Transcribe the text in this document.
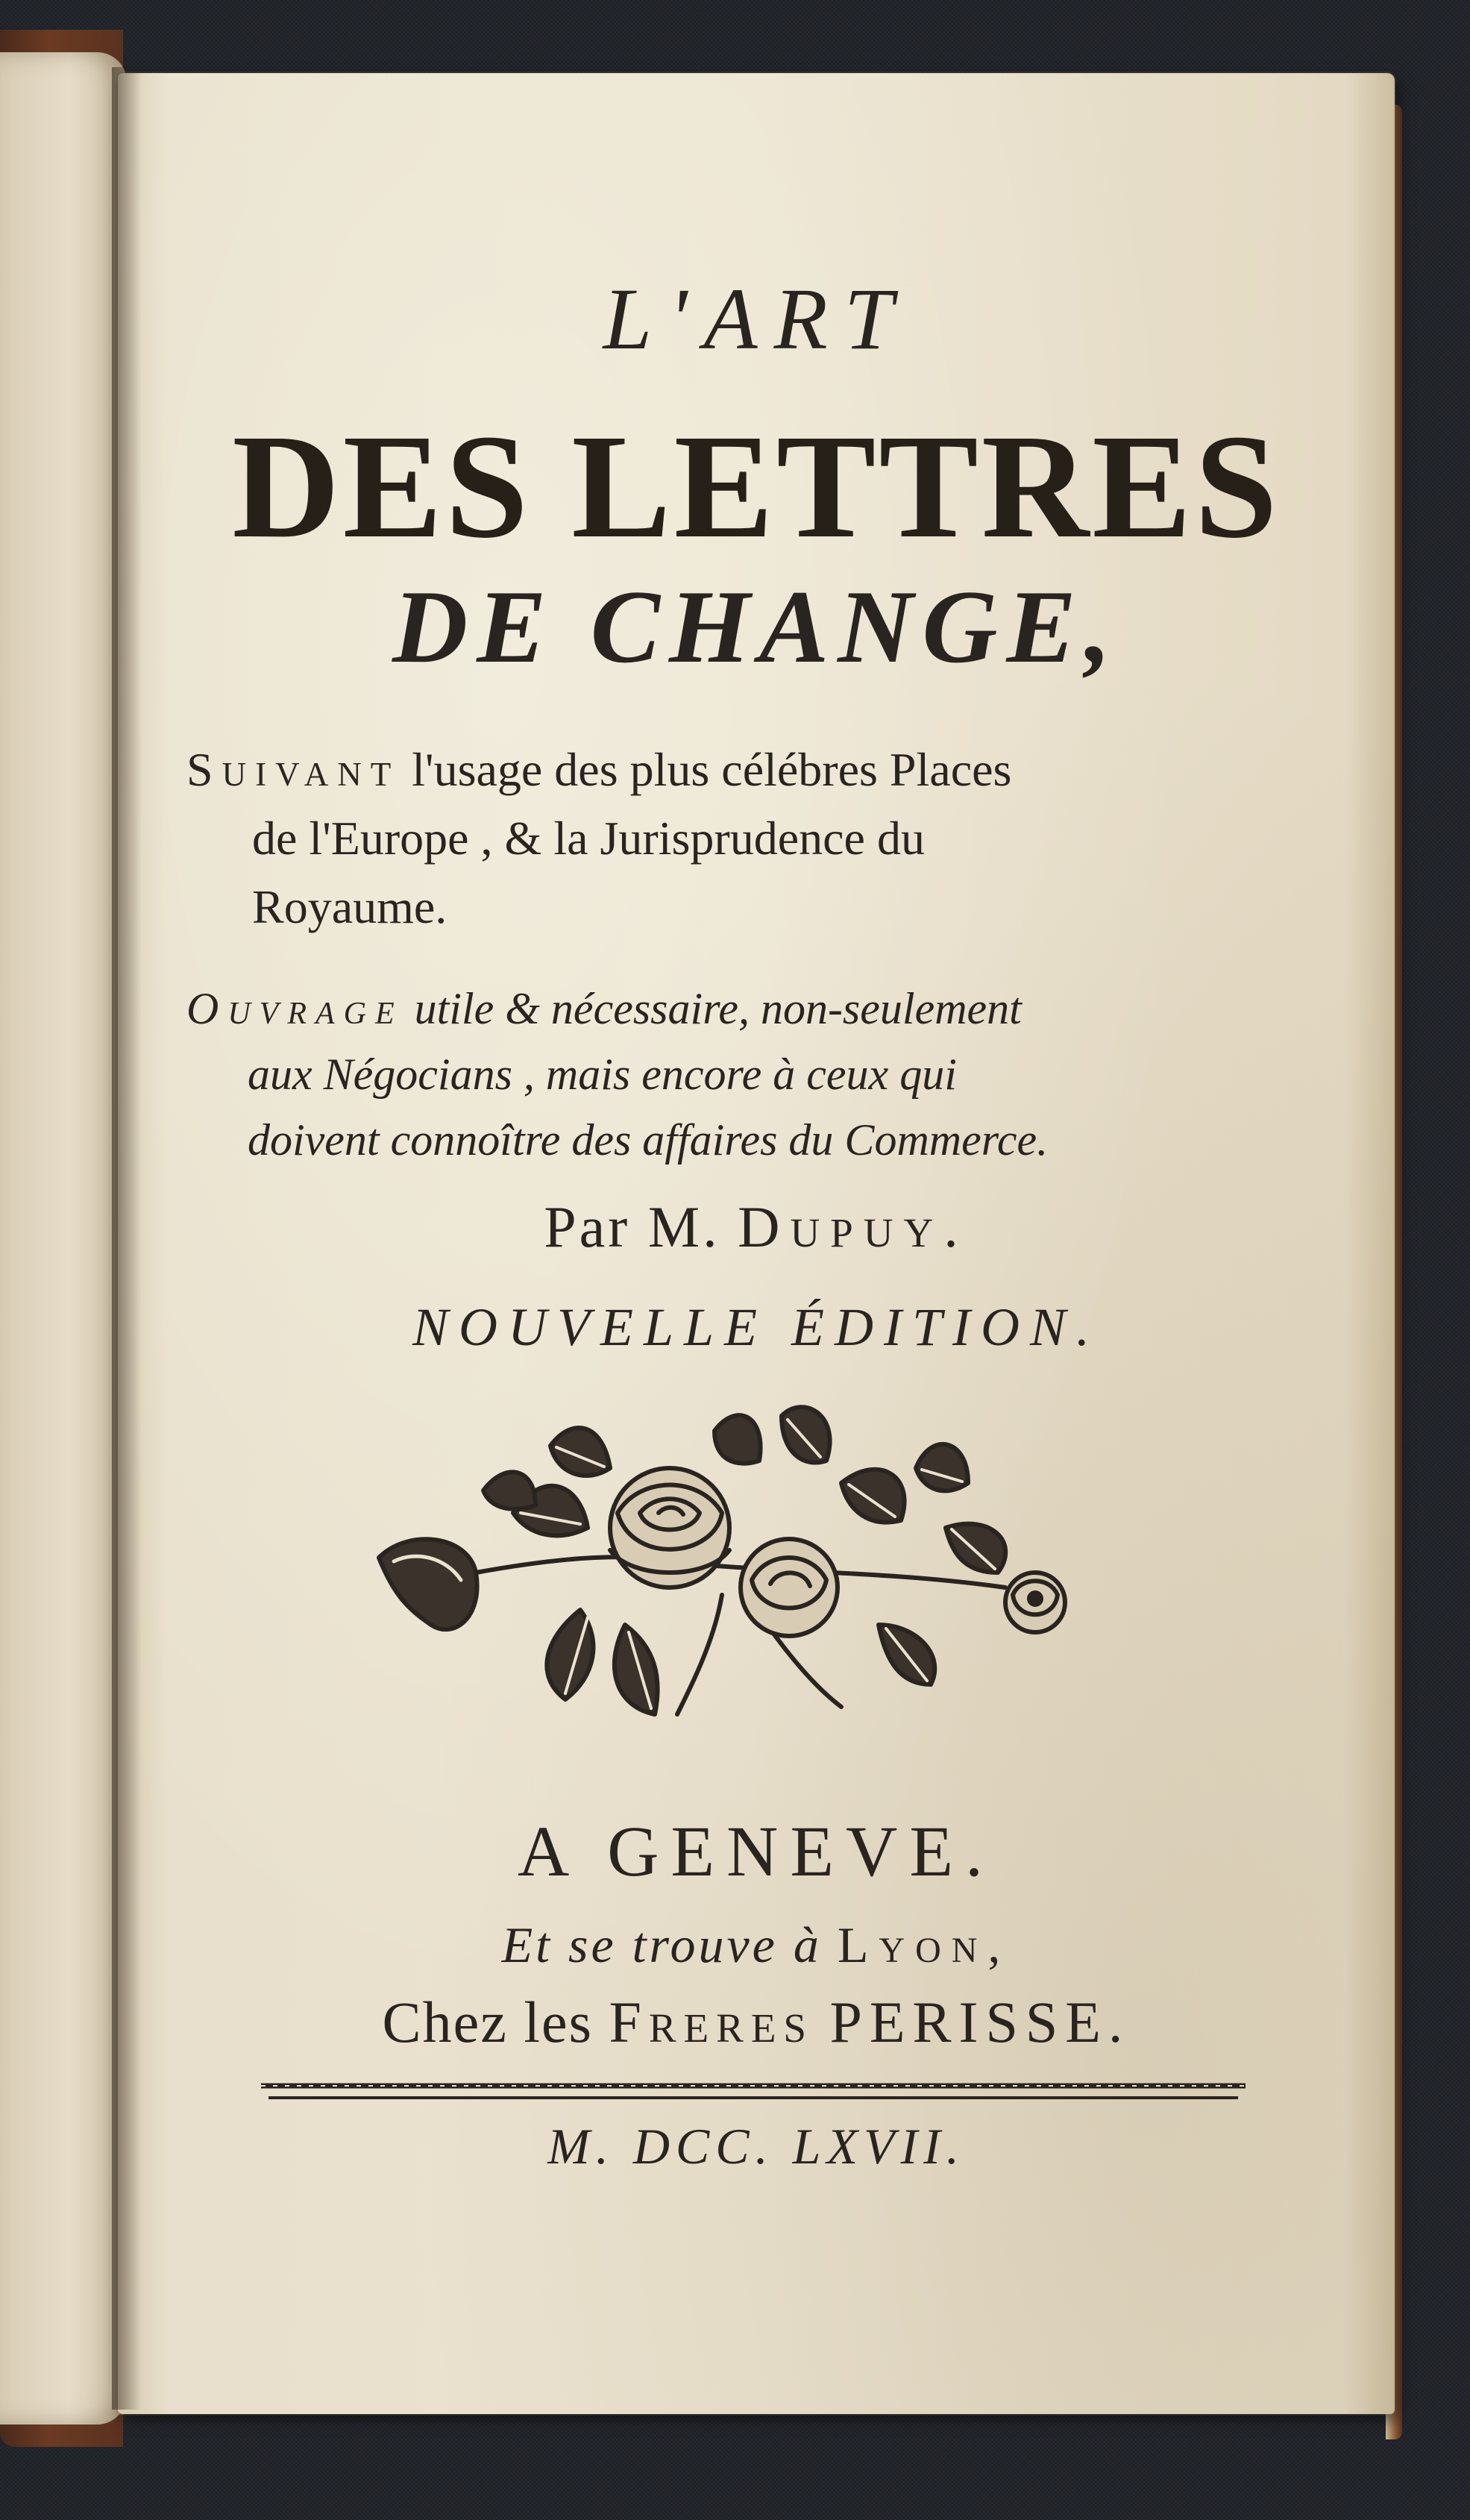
L'ART
DES LETTRES
DE CHANGE,
Suivant l'usage des plus célébres Places
de l'Europe , & la Jurisprudence du
Royaume.
Ouvrage utile & nécessaire, non-seulement
aux Négocians , mais encore à ceux qui
doivent connoître des affaires du Commerce.
Par M. Dupuy.
NOUVELLE ÉDITION.
A GENEVE.
Et se trouve à Lyon,
Chez les Freres PERISSE.
M. DCC. LXVII.
